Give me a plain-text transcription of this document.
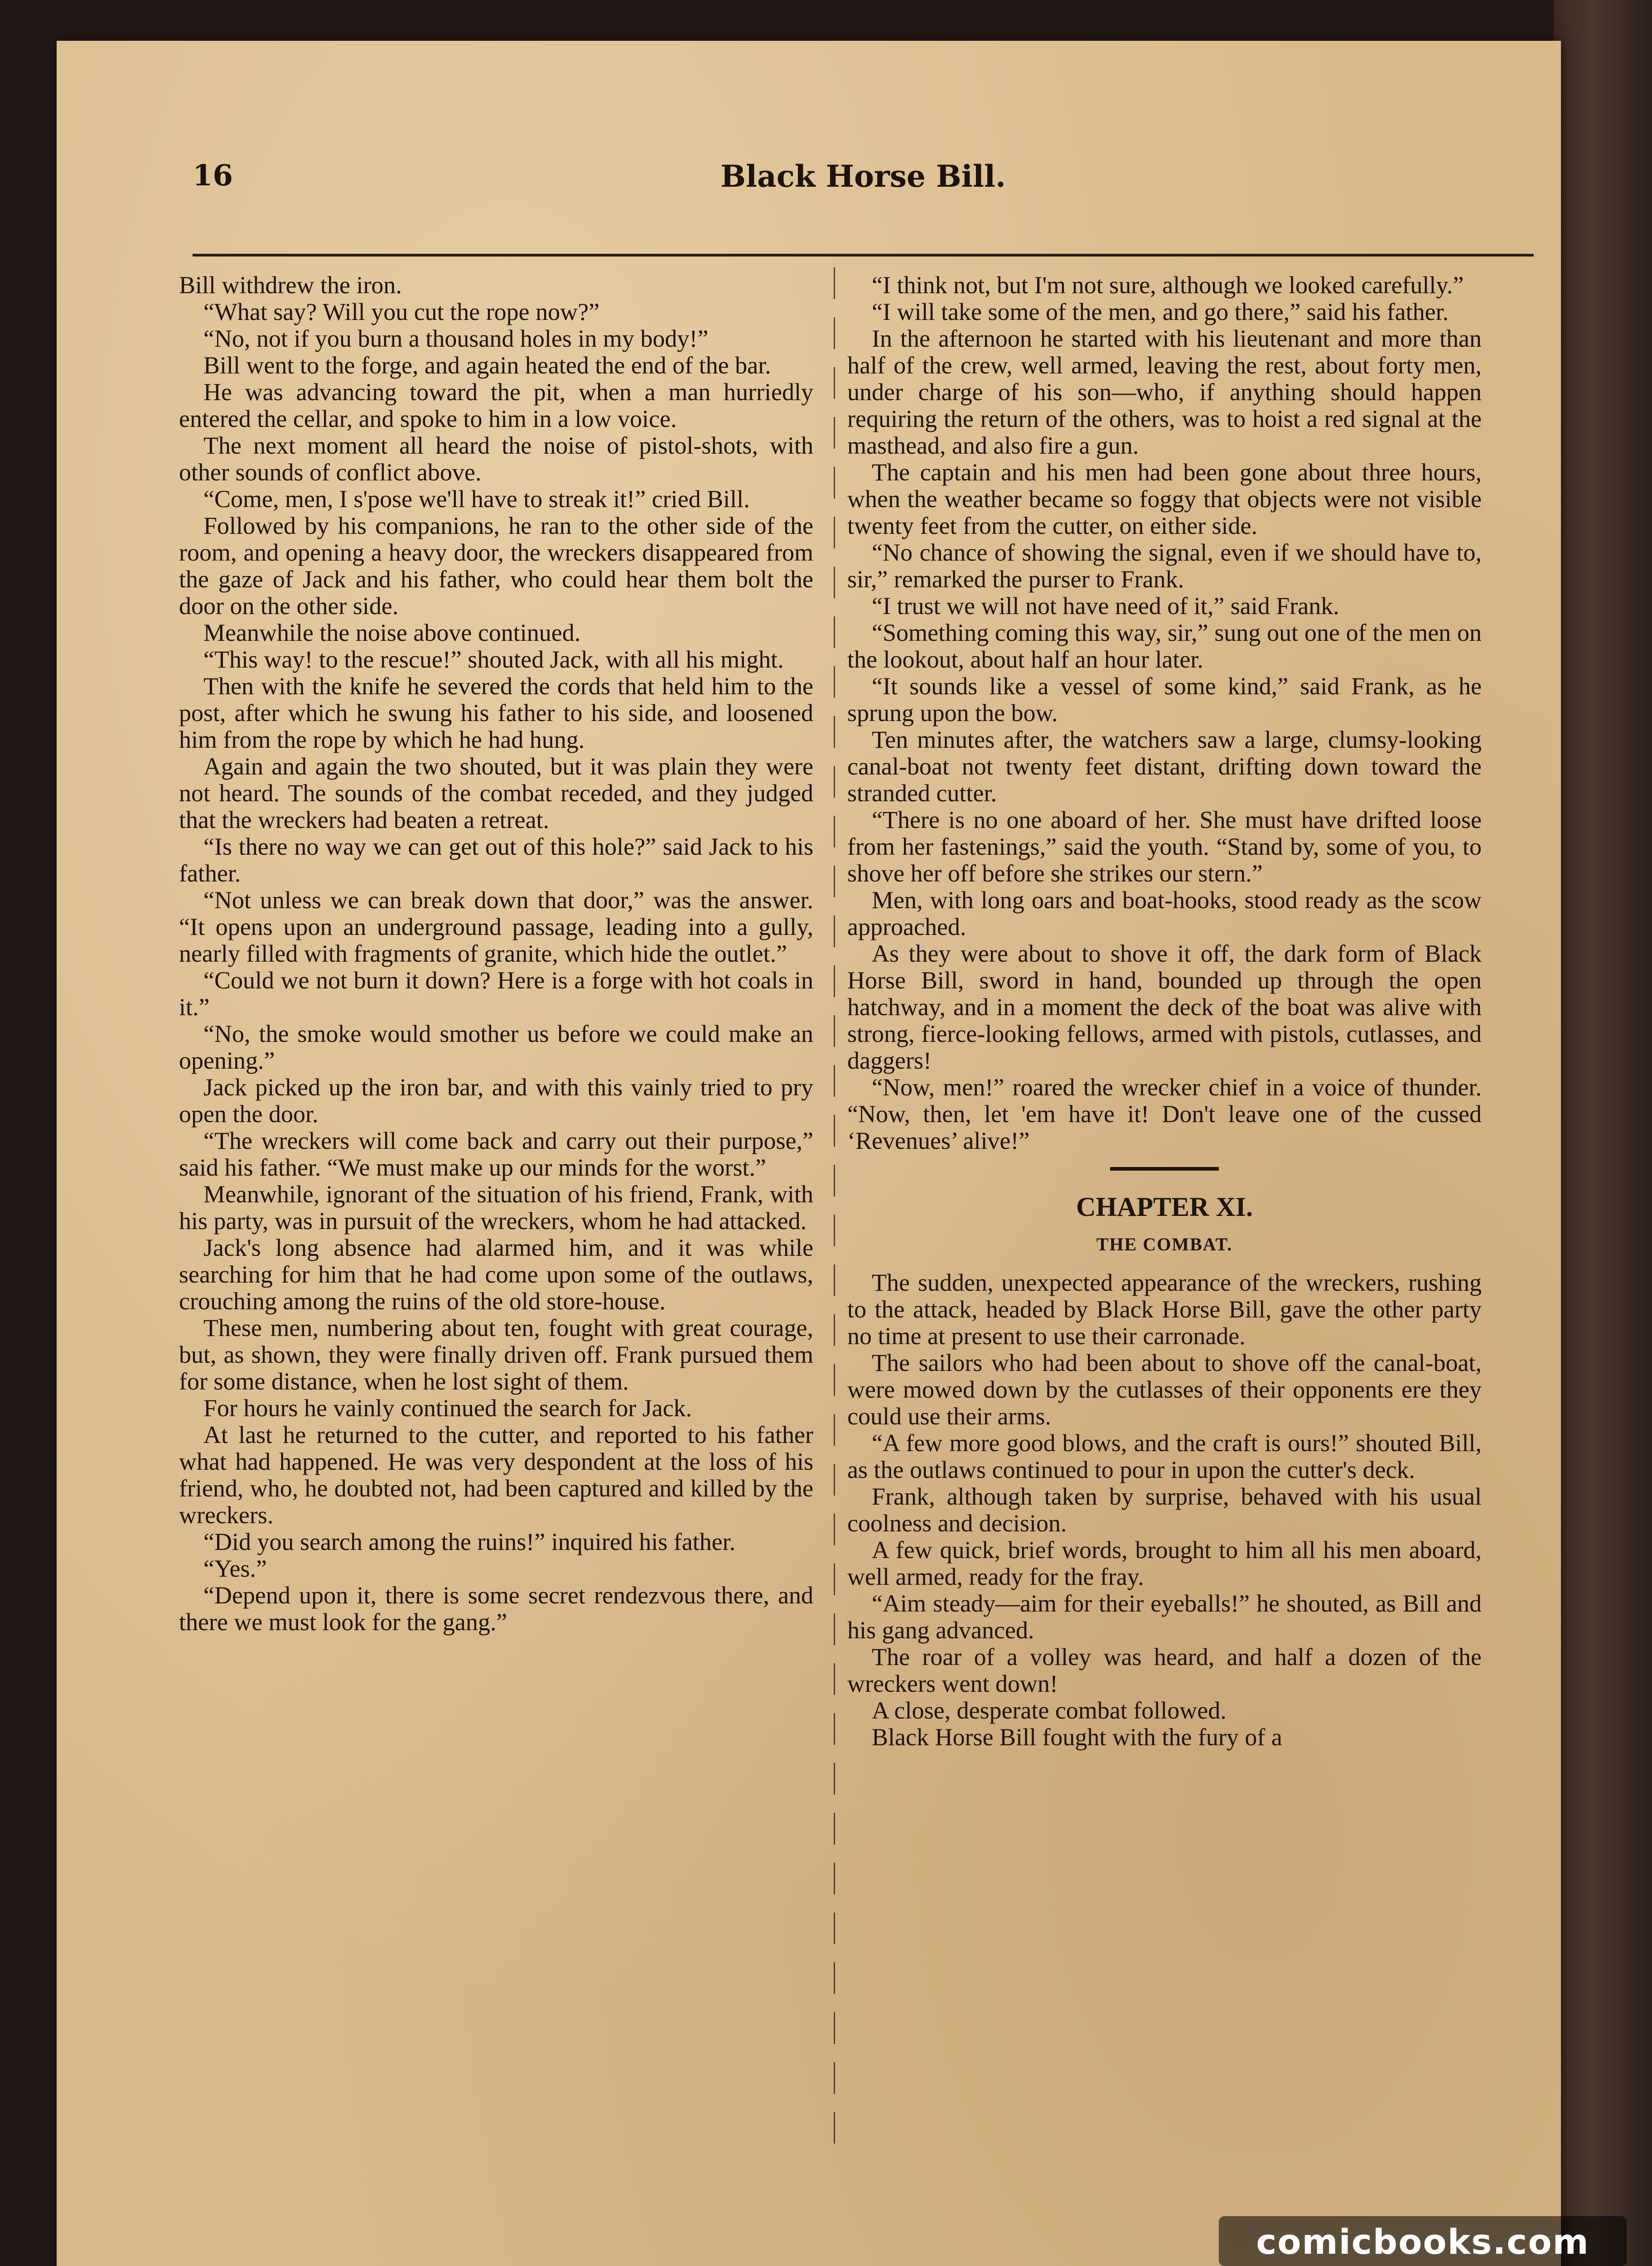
16	Black Horse Bill.

Bill withdrew the iron.

“What say? Will you cut the rope now?”

“No, not if you burn a thousand holes in my body!”

Bill went to the forge, and again heated the end of the bar.

He was advancing toward the pit, when a man hurriedly entered the cellar, and spoke to him in a low voice.

The next moment all heard the noise of pistol-shots, with other sounds of conflict above.

“Come, men, I s'pose we'll have to streak it!” cried Bill.

Followed by his companions, he ran to the other side of the room, and opening a heavy door, the wreckers disappeared from the gaze of Jack and his father, who could hear them bolt the door on the other side.

Meanwhile the noise above continued.

“This way! to the rescue!” shouted Jack, with all his might.

Then with the knife he severed the cords that held him to the post, after which he swung his father to his side, and loosened him from the rope by which he had hung.

Again and again the two shouted, but it was plain they were not heard. The sounds of the combat receded, and they judged that the wreckers had beaten a retreat.

“Is there no way we can get out of this hole?” said Jack to his father.

“Not unless we can break down that door,” was the answer. “It opens upon an underground passage, leading into a gully, nearly filled with fragments of granite, which hide the outlet.”

“Could we not burn it down? Here is a forge with hot coals in it.”

“No, the smoke would smother us before we could make an opening.”

Jack picked up the iron bar, and with this vainly tried to pry open the door.

“The wreckers will come back and carry out their purpose,” said his father. “We must make up our minds for the worst.”

Meanwhile, ignorant of the situation of his friend, Frank, with his party, was in pursuit of the wreckers, whom he had attacked.

Jack's long absence had alarmed him, and it was while searching for him that he had come upon some of the outlaws, crouching among the ruins of the old store-house.

These men, numbering about ten, fought with great courage, but, as shown, they were finally driven off. Frank pursued them for some distance, when he lost sight of them.

For hours he vainly continued the search for Jack.

At last he returned to the cutter, and reported to his father what had happened. He was very despondent at the loss of his friend, who, he doubted not, had been captured and killed by the wreckers.

“Did you search among the ruins!” inquired his father.

“Yes.”

“Depend upon it, there is some secret rendezvous there, and there we must look for the gang.”

“I think not, but I'm not sure, although we looked carefully.”

“I will take some of the men, and go there,” said his father.

In the afternoon he started with his lieutenant and more than half of the crew, well armed, leaving the rest, about forty men, under charge of his son—who, if anything should happen requiring the return of the others, was to hoist a red signal at the masthead, and also fire a gun.

The captain and his men had been gone about three hours, when the weather became so foggy that objects were not visible twenty feet from the cutter, on either side.

“No chance of showing the signal, even if we should have to, sir,” remarked the purser to Frank.

“I trust we will not have need of it,” said Frank.

“Something coming this way, sir,” sung out one of the men on the lookout, about half an hour later.

“It sounds like a vessel of some kind,” said Frank, as he sprung upon the bow.

Ten minutes after, the watchers saw a large, clumsy-looking canal-boat not twenty feet distant, drifting down toward the stranded cutter.

“There is no one aboard of her. She must have drifted loose from her fastenings,” said the youth. “Stand by, some of you, to shove her off before she strikes our stern.”

Men, with long oars and boat-hooks, stood ready as the scow approached.

As they were about to shove it off, the dark form of Black Horse Bill, sword in hand, bounded up through the open hatchway, and in a moment the deck of the boat was alive with strong, fierce-looking fellows, armed with pistols, cutlasses, and daggers!

“Now, men!” roared the wrecker chief in a voice of thunder. “Now, then, let 'em have it! Don't leave one of the cussed ‘Revenues’ alive!”

CHAPTER XI.

THE COMBAT.

The sudden, unexpected appearance of the wreckers, rushing to the attack, headed by Black Horse Bill, gave the other party no time at present to use their carronade.

The sailors who had been about to shove off the canal-boat, were mowed down by the cutlasses of their opponents ere they could use their arms.

“A few more good blows, and the craft is ours!” shouted Bill, as the outlaws continued to pour in upon the cutter's deck.

Frank, although taken by surprise, behaved with his usual coolness and decision.

A few quick, brief words, brought to him all his men aboard, well armed, ready for the fray.

“Aim steady—aim for their eyeballs!” he shouted, as Bill and his gang advanced.

The roar of a volley was heard, and half a dozen of the wreckers went down!

A close, desperate combat followed.

Black Horse Bill fought with the fury of a

comicbooks.com
